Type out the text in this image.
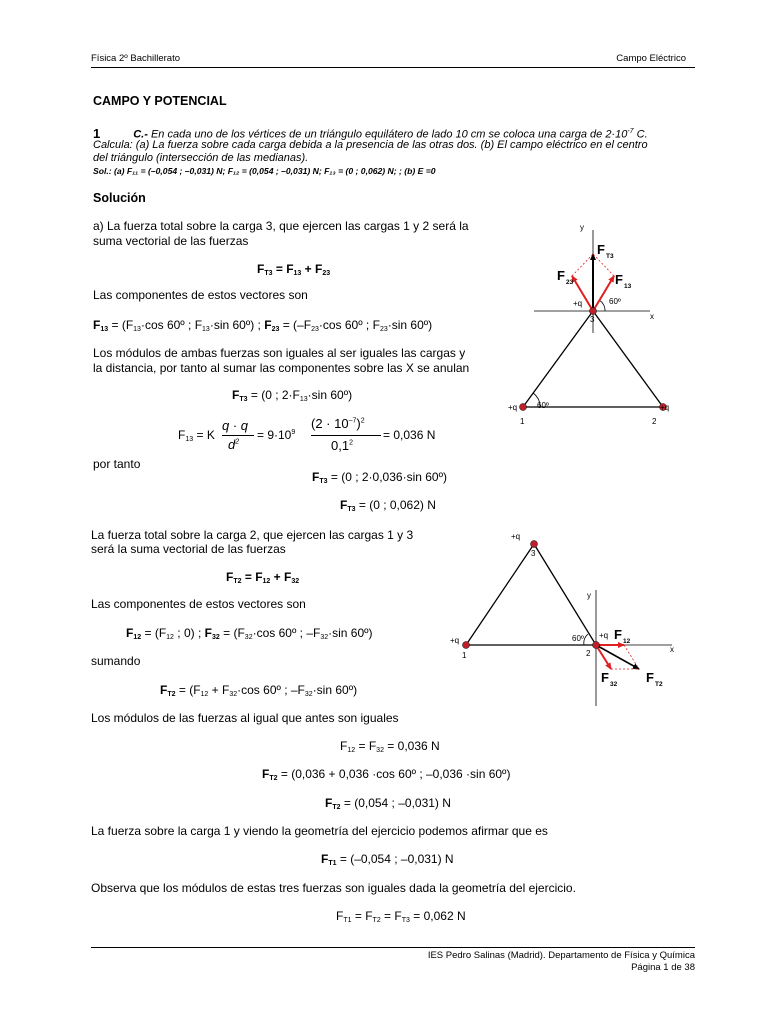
Física 2º Bachillerato	Campo Eléctrico
CAMPO Y POTENCIAL
1	C.- En cada uno de los vértices de un triángulo equilátero de lado 10 cm se coloca una carga de $2\cdot 10^{-7}$ C.
Calcula: (a) La fuerza sobre cada carga debida a la presencia de las otras dos. (b) El campo eléctrico en el centro
del triángulo (intersección de las medianas).
Sol.: (a) F₁₁ = (–0,054 ; –0,031) N; F₁₂ = (0,054 ; –0,031) N; F₁₃ = (0 ; 0,062) N; ; (b) E =0
Solución
a) La fuerza total sobre la carga 3, que ejercen las cargas 1 y 2 será la
suma vectorial de las fuerzas
$F_{T3} = F_{13} + F_{23}$
Las componentes de estos vectores son
$F_{13} = (F13\cdot\cos$ 60º ; F13·sin 60º) ; $F_{23} = (-F23\cdot\cos$ 60º ; F23·sin 60º)
Los módulos de ambas fuerzas son iguales al ser iguales las cargas y
la distancia, por tanto al sumar las componentes sobre las X se anulan
$F_{T3} = (0$ ; 2·F13·sin 60º)
F13 = K
q · q
$d^2$
= $9\cdot 10^9$
$(2 \cdot 10^{-7})^2$
$0,1^2$
= 0,036 N
por tanto
$F_{T3} = (0$ ; 2·0,036·sin 60º)
$F_{T3} = (0$ ; 0,062) N
La fuerza total sobre la carga 2, que ejercen las cargas 1 y 3
será la suma vectorial de las fuerzas
$F_{T2} = F_{12} + F_{32}$
Las componentes de estos vectores son
$F_{12} = (F12$ ; 0) ; $F_{32} = (F32\cdot\cos$ 60º ; –F32·sin 60º)
sumando
$F_{T2} = (F12 + F32\cdot\cos$ 60º ; –F32·sin 60º)
Los módulos de las fuerzas al igual que antes son iguales
F12 = F32 = 0,036 N
$F_{T2} = (0,036 + 0,036 \cdot\cos$ 60º ; –0,036 ·sin 60º)
$F_{T2} = (0,054$ ; –0,031) N
La fuerza sobre la carga 1 y viendo la geometría del ejercicio podemos afirmar que es
$F_{T1} = (-0,054$ ; –0,031) N
Observa que los módulos de estas tres fuerzas son iguales dada la geometría del ejercicio.
FT1 = FT2 = FT3 = 0,062 N
y
x
60º
60º
F T3
F 23	F 13
+q
+q	+q
3
1	2
y
x
60º F 12
F 32 F T2
+q
+q
+q
3
1	2
IES Pedro Salinas (Madrid). Departamento de Física y Química
Página 1 de 38
